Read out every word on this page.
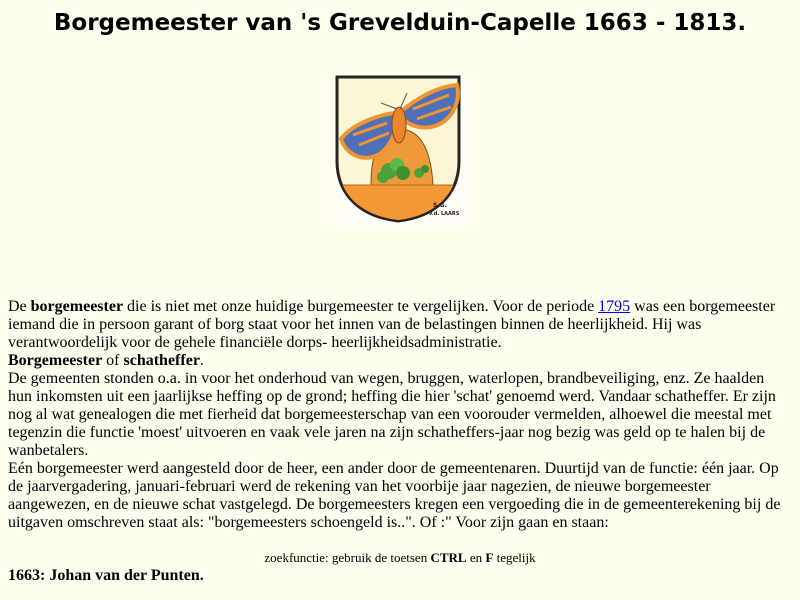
Borgemeester van 's Grevelduin-Capelle 1663 - 1813.
S.G.
v.d. LAARS

De borgemeester die is niet met onze huidige burgemeester te vergelijken. Voor de periode 1795 was een borgemeester iemand die in persoon garant of borg staat voor het innen van de belastingen binnen de heerlijkheid. Hij was verantwoordelijk voor de gehele financiële dorps- heerlijkheidsadministratie.

Borgemeester of schatheffer.

De gemeenten stonden o.a. in voor het onderhoud van wegen, bruggen, waterlopen, brandbeveiliging, enz. Ze haalden hun inkomsten uit een jaarlijkse heffing op de grond; heffing die hier 'schat' genoemd werd. Vandaar schatheffer. Er zijn nog al wat genealogen die met fierheid dat borgemeesterschap van een voorouder vermelden, alhoewel die meestal met tegenzin die functie 'moest' uitvoeren en vaak vele jaren na zijn schatheffers-jaar nog bezig was geld op te halen bij de wanbetalers.

Eén borgemeester werd aangesteld door de heer, een ander door de gemeentenaren. Duurtijd van de functie: één jaar. Op de jaarvergadering, januari-februari werd de rekening van het voorbije jaar nagezien, de nieuwe borgemeester aangewezen, en de nieuwe schat vastgelegd. De borgemeesters kregen een vergoeding die in de gemeenterekening bij de uitgaven omschreven staat als: "borgemeesters schoengeld is..". Of :" Voor zijn gaan en staan:

zoekfunctie: gebruik de toetsen CTRL en F tegelijk
1663: Johan van der Punten.
